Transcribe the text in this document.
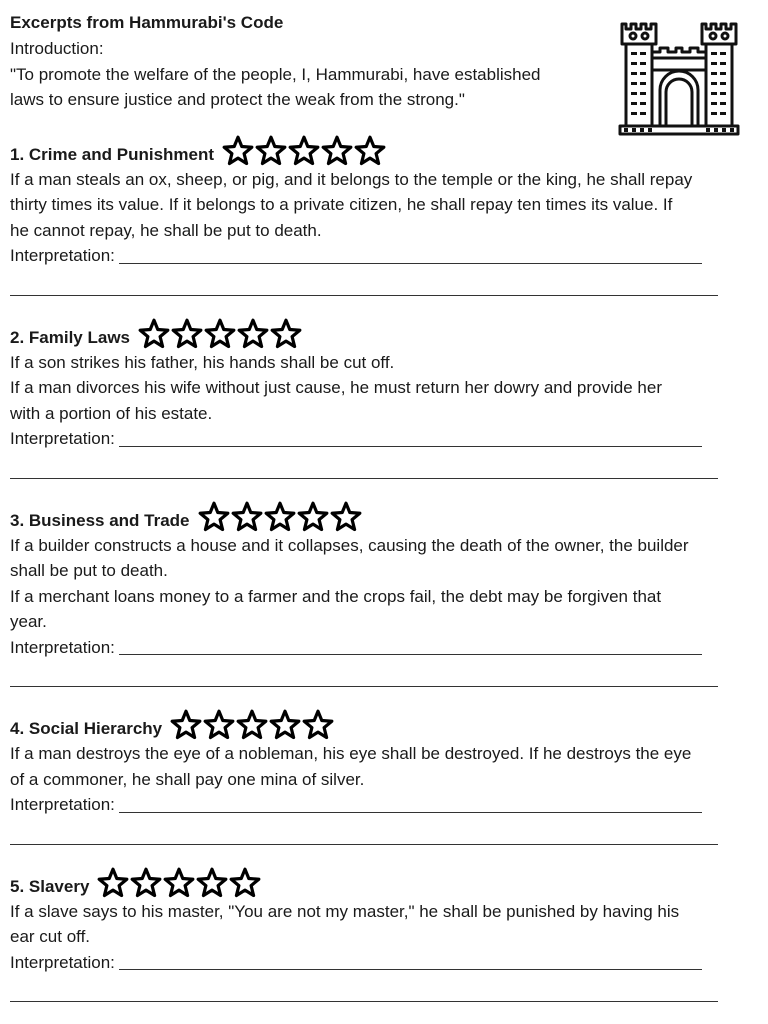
Excerpts from Hammurabi's Code

Introduction:

"To promote the welfare of the people, I, Hammurabi, have established

laws to ensure justice and protect the weak from the strong."

1. Crime and Punishment

If a man steals an ox, sheep, or pig, and it belongs to the temple or the king, he shall repay

thirty times its value. If it belongs to a private citizen, he shall repay ten times its value. If

he cannot repay, he shall be put to death.

Interpretation:
2. Family Laws

If a son strikes his father, his hands shall be cut off.

If a man divorces his wife without just cause, he must return her dowry and provide her

with a portion of his estate.

Interpretation:
3. Business and Trade

If a builder constructs a house and it collapses, causing the death of the owner, the builder

shall be put to death.

If a merchant loans money to a farmer and the crops fail, the debt may be forgiven that

year.

Interpretation:
4. Social Hierarchy

If a man destroys the eye of a nobleman, his eye shall be destroyed. If he destroys the eye

of a commoner, he shall pay one mina of silver.

Interpretation:
5. Slavery

If a slave says to his master, "You are not my master," he shall be punished by having his

ear cut off.

Interpretation:
